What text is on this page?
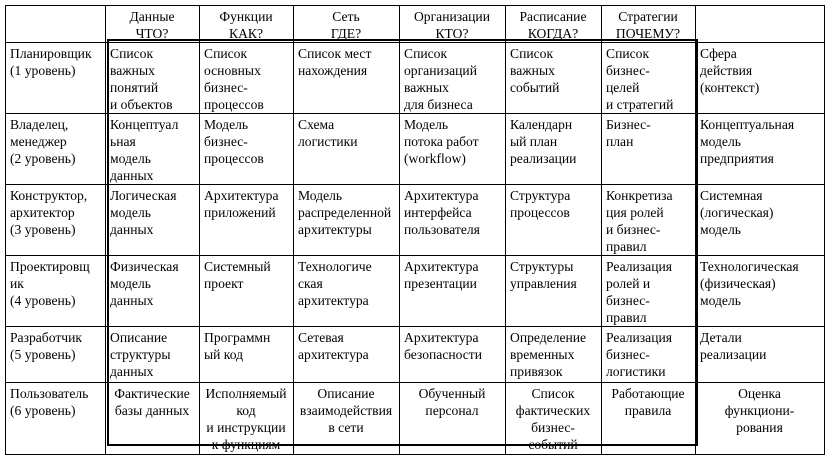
	Данные
ЧТО?	Функции
КАК?	Сеть
ГДЕ?	Организации
КТО?	Расписание
КОГДА?	Стратегии
ПОЧЕМУ?	

Планировщик
(1 уровень)	Список
важных
понятий
и объектов	Список
основных
бизнес-
процессов	Список мест
нахождения	Список
организаций
важных
для бизнеса	Список
важных
событий	Список
бизнес-
целей
и стратегий	Сфера
действия
(контекст)

Владелец,
менеджер
(2 уровень)	Концептуал
ьная
модель
данных	Модель
бизнес-
процессов	Схема
логистики	Модель
потока работ
(workflow)	Календарн
ый план
реализации	Бизнес-
план	Концептуальная
модель
предприятия

Конструктор,
архитектор
(3 уровень)	Логическая
модель
данных	Архитектура
приложений	Модель
распределенной
архитектуры	Архитектура
интерфейса
пользователя	Структура
процессов	Конкретиза
ция ролей
и бизнес-
правил	Системная
(логическая)
модель

Проектировщ
ик
(4 уровень)	Физическая
модель
данных	Системный
проект	Технологиче
ская
архитектура	Архитектура
презентации	Структуры
управления	Реализация
ролей и
бизнес-
правил	Технологическая
(физическая)
модель

Разработчик
(5 уровень)	Описание
структуры
данных	Программн
ый код	Сетевая
архитектура	Архитектура
безопасности	Определение
временных
привязок	Реализация
бизнес-
логистики	Детали
реализации

Пользователь
(6 уровень)	Фактические
базы данных	Исполняемый
код
и инструкции
к функциям	Описание
взаимодействия
в сети	Обученный
персонал	Список
фактических
бизнес-
событий	Работающие
правила	Оценка
функциони-
рования
